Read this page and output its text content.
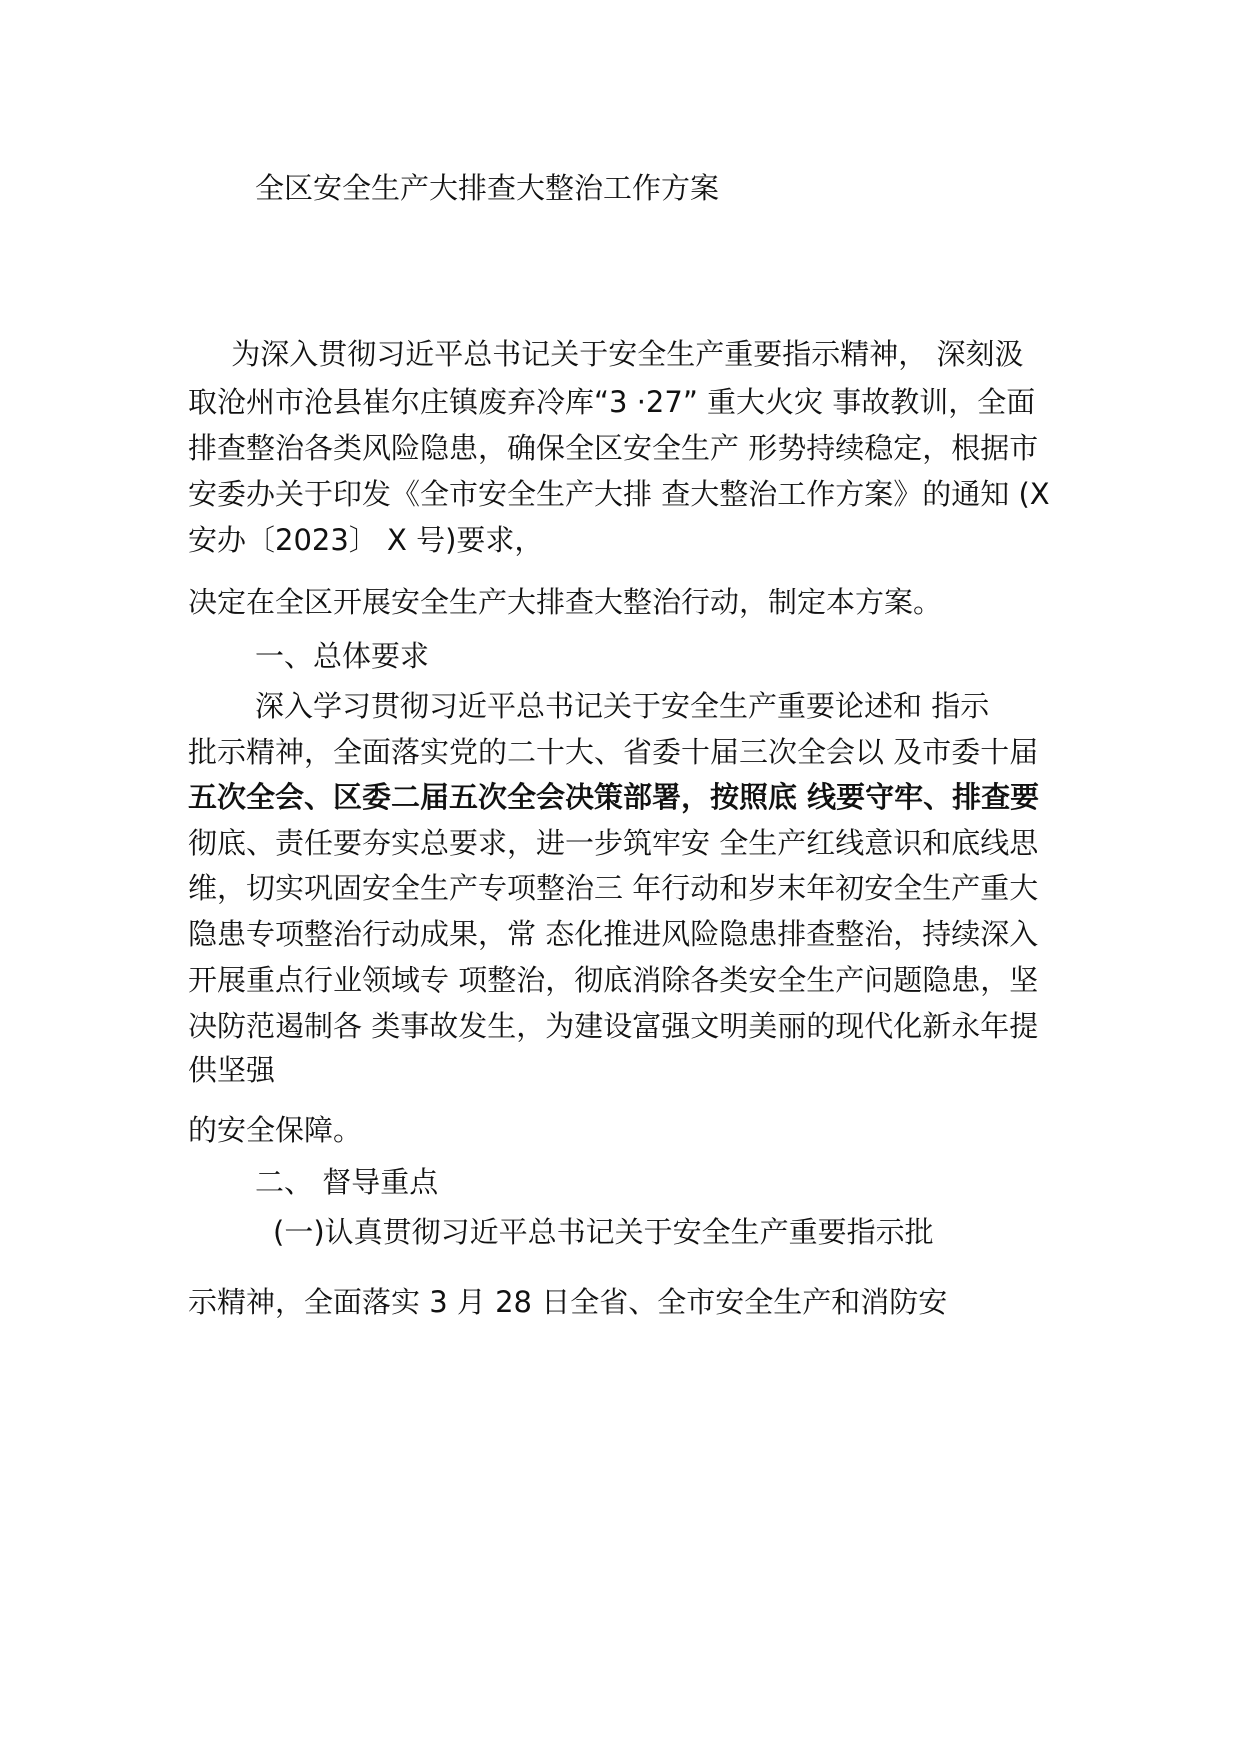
全区安全生产大排查大整治工作方案

为深入贯彻习近平总书记关于安全生产重要指示精神， 深刻汲

取沧州市沧县崔尔庄镇废弃冷库“3 ·27” 重大火灾 事故教训，全面

排查整治各类风险隐患，确保全区安全生产 形势持续稳定，根据市

安委办关于印发《全市安全生产大排 查大整治工作方案》的通知 (X

安办〔2023〕 X 号)要求，

决定在全区开展安全生产大排查大整治行动，制定本方案。

一、总体要求

深入学习贯彻习近平总书记关于安全生产重要论述和 指示

批示精神，全面落实党的二十大、省委十届三次全会以 及市委十届

五次全会、区委二届五次全会决策部署，按照底 线要守牢、排查要

彻底、责任要夯实总要求，进一步筑牢安 全生产红线意识和底线思

维，切实巩固安全生产专项整治三 年行动和岁末年初安全生产重大

隐患专项整治行动成果，常 态化推进风险隐患排查整治，持续深入

开展重点行业领域专 项整治，彻底消除各类安全生产问题隐患，坚

决防范遏制各 类事故发生，为建设富强文明美丽的现代化新永年提

供坚强

的安全保障。

二、 督导重点

(一)认真贯彻习近平总书记关于安全生产重要指示批

示精神，全面落实 3 月 28 日全省、全市安全生产和消防安
